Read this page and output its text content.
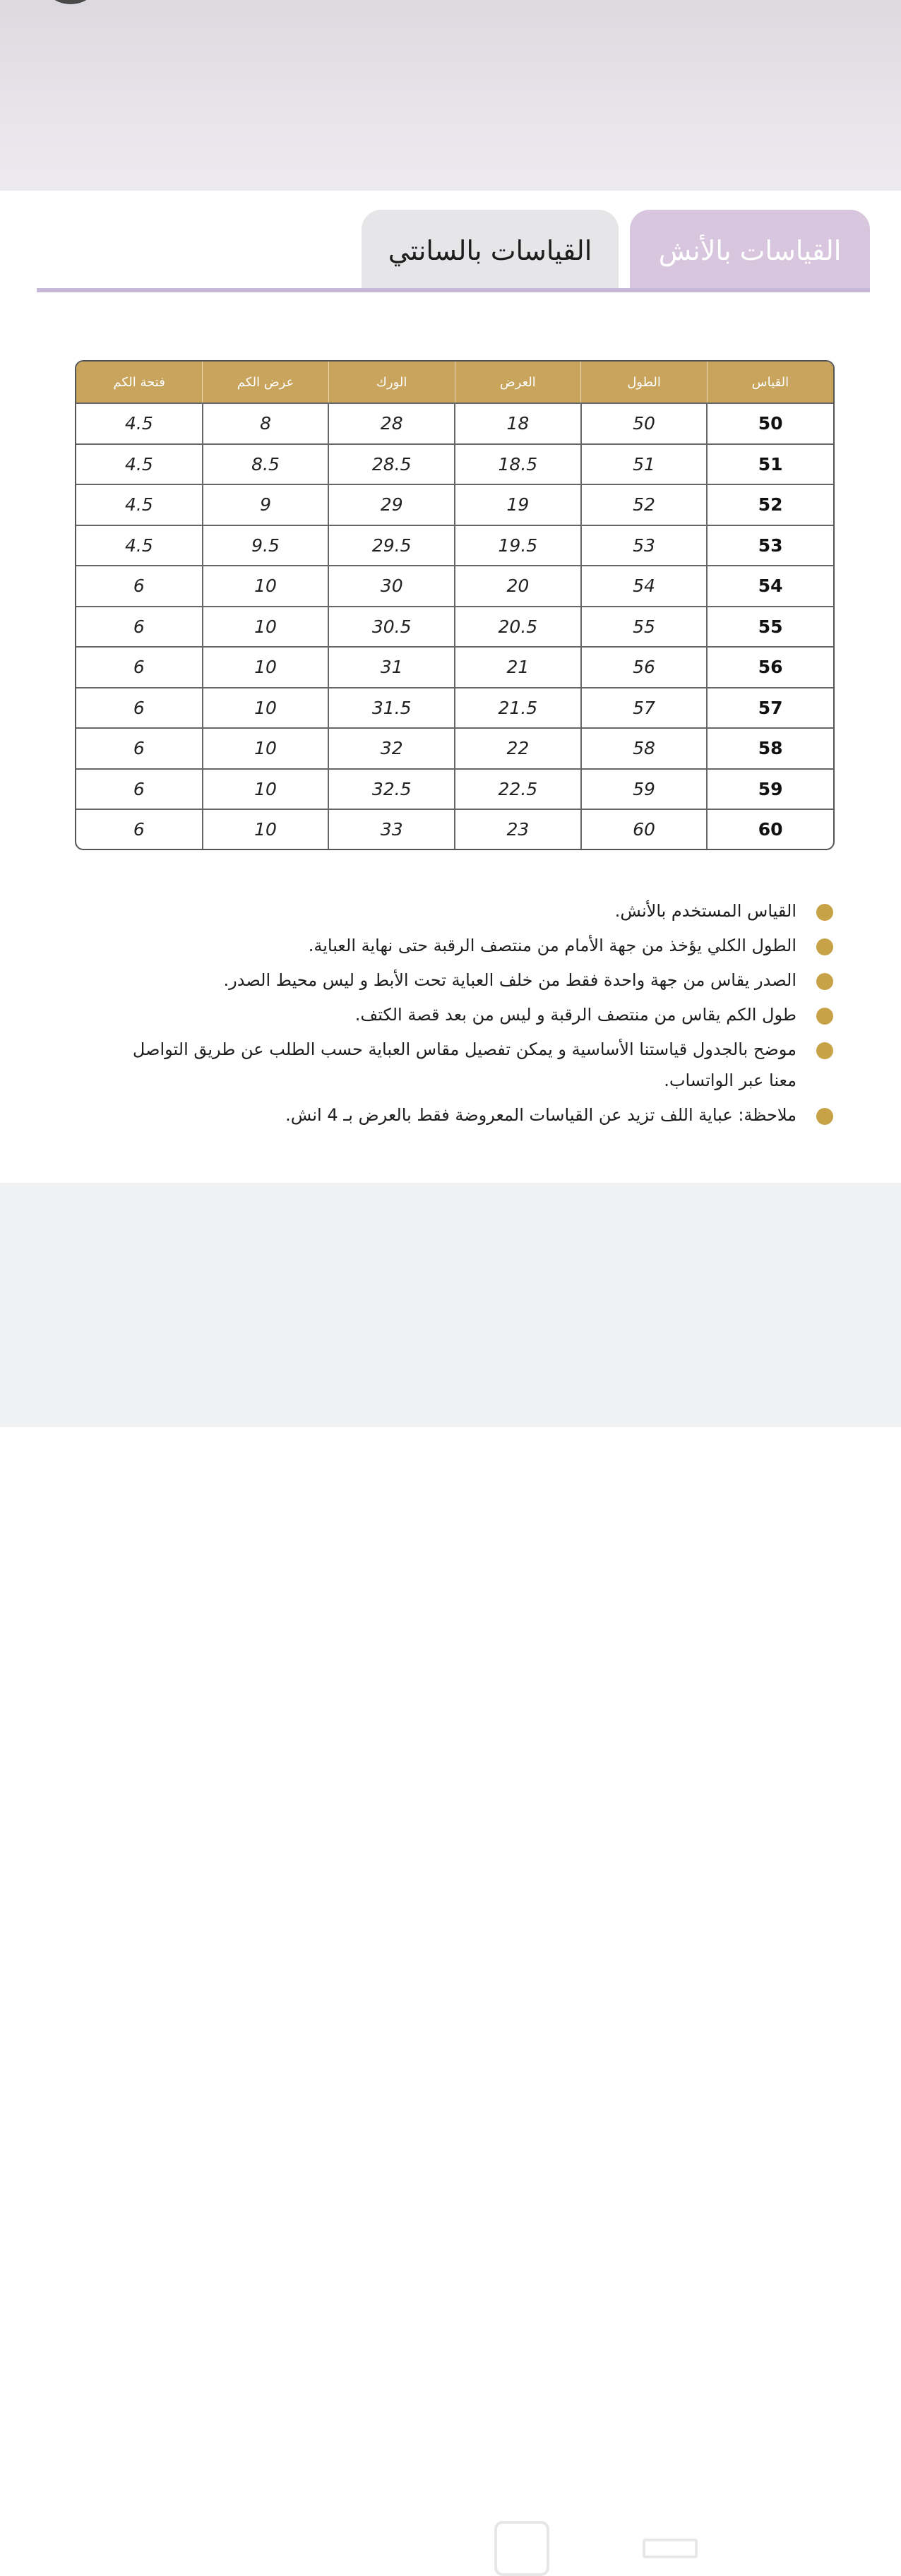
القياسات بالأنش
القياسات بالسانتي
القياس	الطول	العرض	الورك	عرض الكم	فتحة الكم
50	50	18	28	8	4.5
51	51	18.5	28.5	8.5	4.5
52	52	19	29	9	4.5
53	53	19.5	29.5	9.5	4.5
54	54	20	30	10	6
55	55	20.5	30.5	10	6
56	56	21	31	10	6
57	57	21.5	31.5	10	6
58	58	22	32	10	6
59	59	22.5	32.5	10	6
60	60	23	33	10	6
القياس المستخدم بالأنش.
الطول الكلي يؤخذ من جهة الأمام من منتصف الرقبة حتى نهاية العباية.
الصدر يقاس من جهة واحدة فقط من خلف العباية تحت الأبط و ليس محيط الصدر.
طول الكم يقاس من منتصف الرقبة و ليس من بعد قصة الكتف.
موضح بالجدول قياستنا الأساسية و يمكن تفصيل مقاس العباية حسب الطلب عن طريق التواصل معنا عبر الواتساب.
ملاحظة: عباية اللف تزيد عن القياسات المعروضة فقط بالعرض بـ 4 انش.
